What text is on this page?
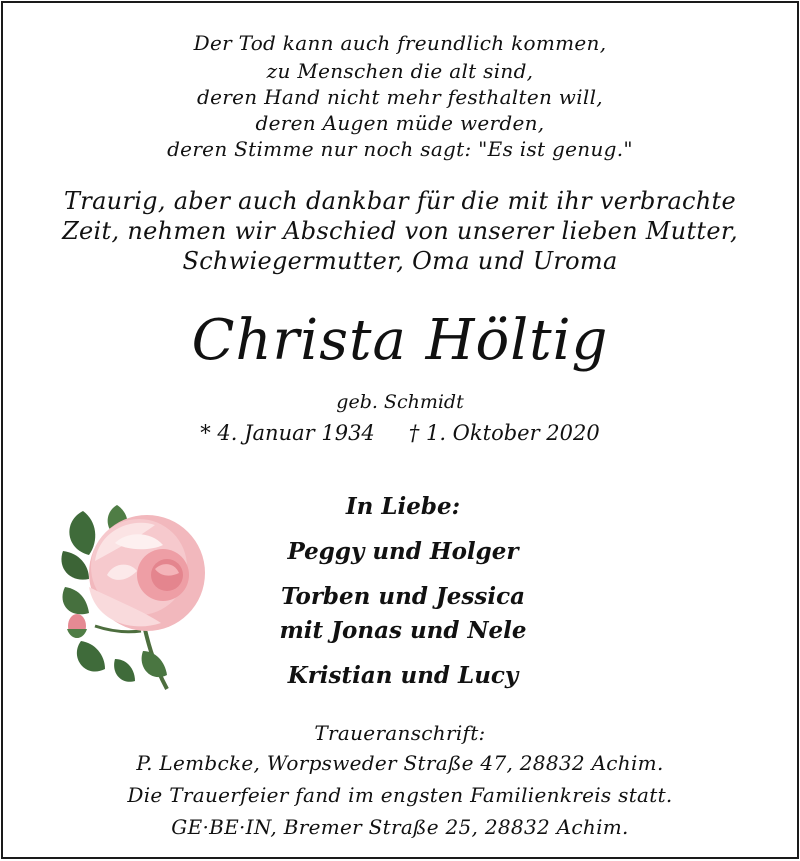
Der Tod kann auch freundlich kommen,
zu Menschen die alt sind,
deren Hand nicht mehr festhalten will,
deren Augen müde werden,
deren Stimme nur noch sagt: "Es ist genug."
Traurig, aber auch dankbar für die mit ihr verbrachte
Zeit, nehmen wir Abschied von unserer lieben Mutter,
Schwiegermutter, Oma und Uroma
Christa Höltig
geb. Schmidt
* 4. Januar 1934 † 1. Oktober 2020
In Liebe:
Peggy und Holger
Torben und Jessica
mit Jonas und Nele
Kristian und Lucy
Traueranschrift:
P. Lembcke, Worpsweder Straße 47, 28832 Achim.
Die Trauerfeier fand im engsten Familienkreis statt.
GE·BE·IN, Bremer Straße 25, 28832 Achim.
